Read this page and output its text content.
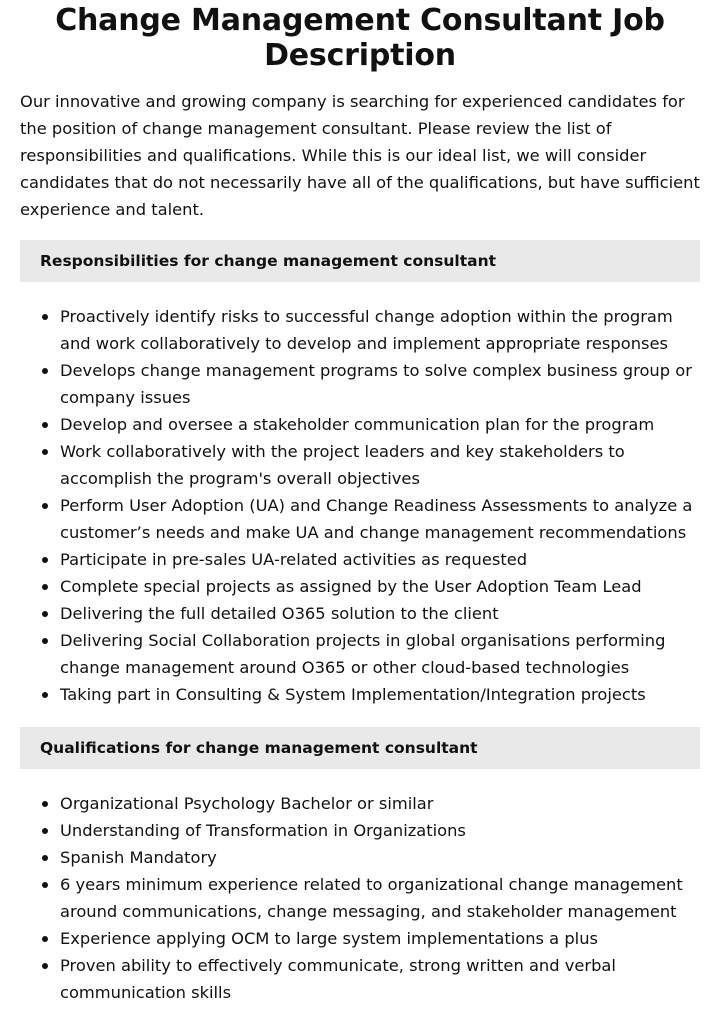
Change Management Consultant Job Description

Our innovative and growing company is searching for experienced candidates for the position of change management consultant. Please review the list of responsibilities and qualifications. While this is our ideal list, we will consider candidates that do not necessarily have all of the qualifications, but have sufficient experience and talent.

Responsibilities for change management consultant
Proactively identify risks to successful change adoption within the program and work collaboratively to develop and implement appropriate responses
Develops change management programs to solve complex business group or company issues
Develop and oversee a stakeholder communication plan for the program
Work collaboratively with the project leaders and key stakeholders to accomplish the program's overall objectives
Perform User Adoption (UA) and Change Readiness Assessments to analyze a customer’s needs and make UA and change management recommendations
Participate in pre-sales UA-related activities as requested
Complete special projects as assigned by the User Adoption Team Lead
Delivering the full detailed O365 solution to the client
Delivering Social Collaboration projects in global organisations performing change management around O365 or other cloud-based technologies
Taking part in Consulting & System Implementation/Integration projects
Qualifications for change management consultant
Organizational Psychology Bachelor or similar
Understanding of Transformation in Organizations
Spanish Mandatory
6 years minimum experience related to organizational change management around communications, change messaging, and stakeholder management
Experience applying OCM to large system implementations a plus
Proven ability to effectively communicate, strong written and verbal communication skills
